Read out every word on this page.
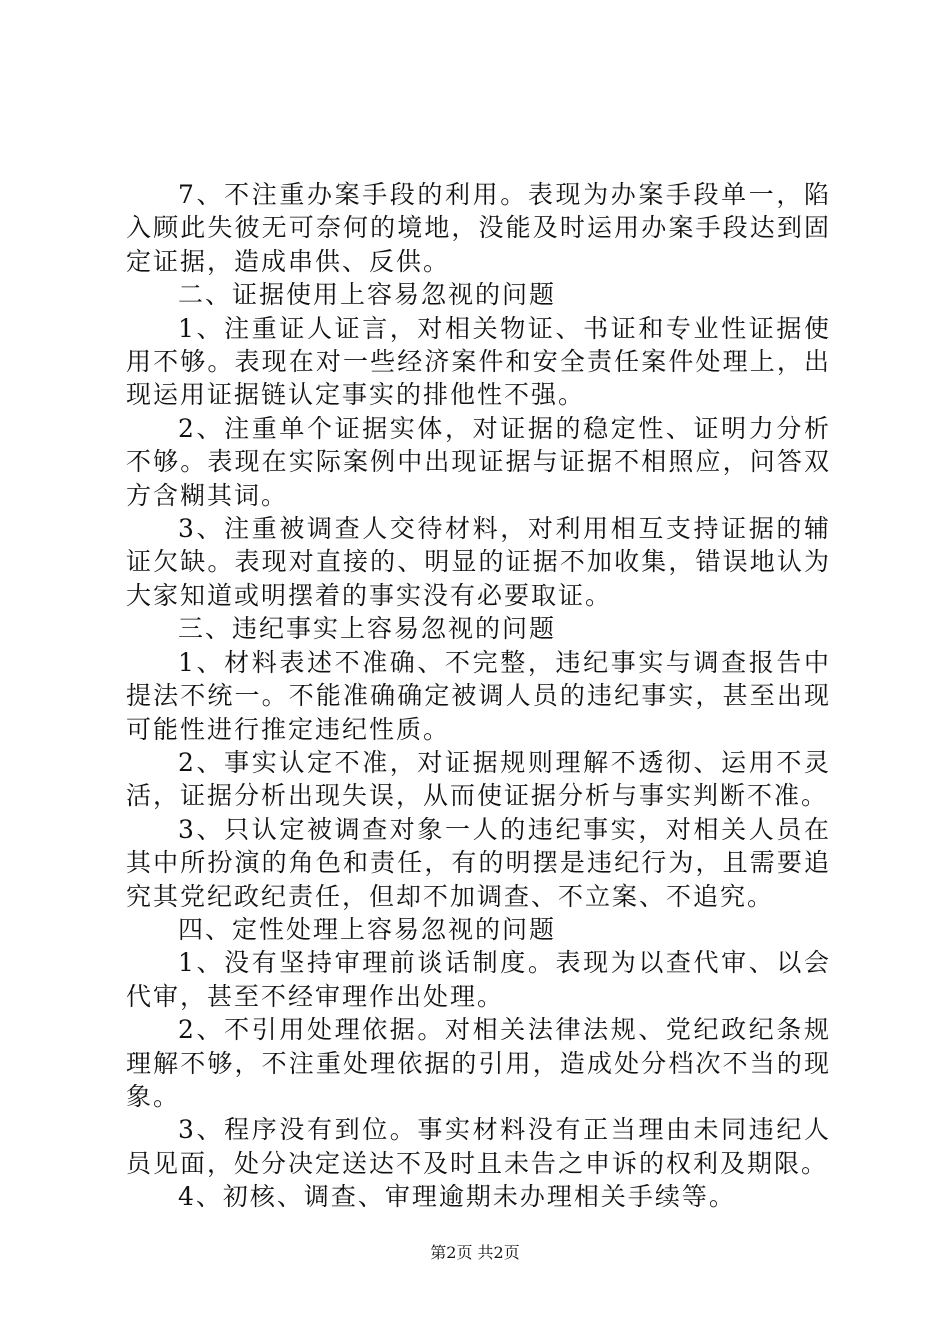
7、不注重办案手段的利用。表现为办案手段单一，陷入顾此失彼无可奈何的境地，没能及时运用办案手段达到固定证据，造成串供、反供。

二、证据使用上容易忽视的问题

1、注重证人证言，对相关物证、书证和专业性证据使用不够。表现在对一些经济案件和安全责任案件处理上，出现运用证据链认定事实的排他性不强。

2、注重单个证据实体，对证据的稳定性、证明力分析不够。表现在实际案例中出现证据与证据不相照应，问答双方含糊其词。

3、注重被调查人交待材料，对利用相互支持证据的辅证欠缺。表现对直接的、明显的证据不加收集，错误地认为大家知道或明摆着的事实没有必要取证。

三、违纪事实上容易忽视的问题

1、材料表述不准确、不完整，违纪事实与调查报告中提法不统一。不能准确确定被调人员的违纪事实，甚至出现可能性进行推定违纪性质。

2、事实认定不准，对证据规则理解不透彻、运用不灵活，证据分析出现失误，从而使证据分析与事实判断不准。

3、只认定被调查对象一人的违纪事实，对相关人员在其中所扮演的角色和责任，有的明摆是违纪行为，且需要追究其党纪政纪责任，但却不加调查、不立案、不追究。

四、定性处理上容易忽视的问题

1、没有坚持审理前谈话制度。表现为以查代审、以会代审，甚至不经审理作出处理。

2、不引用处理依据。对相关法律法规、党纪政纪条规理解不够，不注重处理依据的引用，造成处分档次不当的现象。

3、程序没有到位。事实材料没有正当理由未同违纪人员见面，处分决定送达不及时且未告之申诉的权利及期限。

4、初核、调查、审理逾期未办理相关手续等。

第2页 共2页
